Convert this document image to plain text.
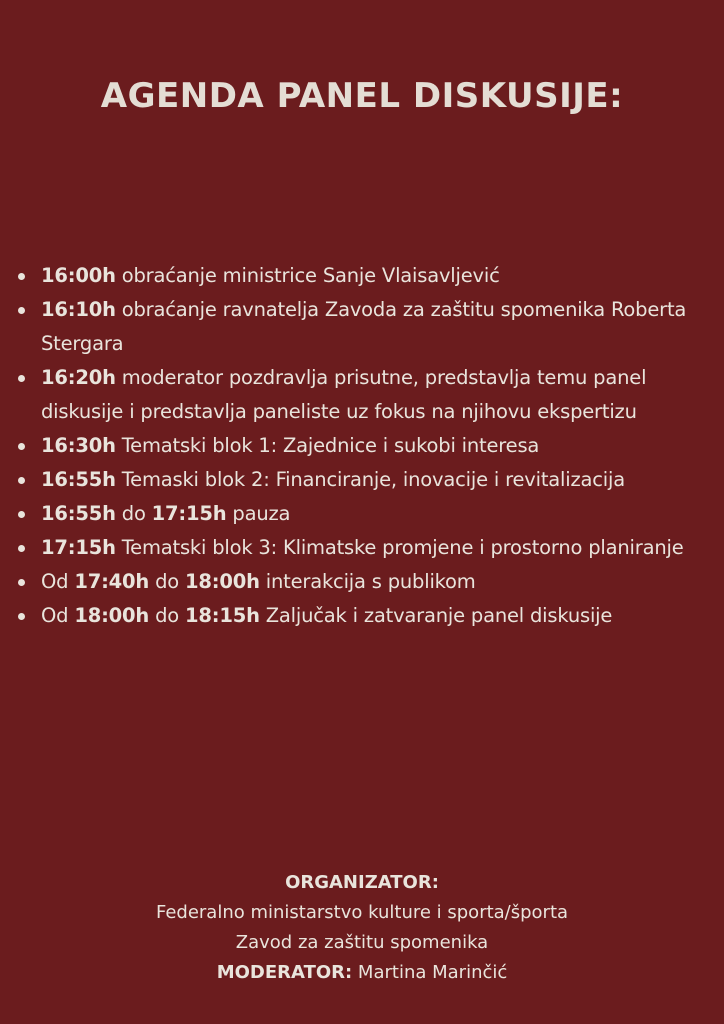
AGENDA PANEL DISKUSIJE:
16:00h obraćanje ministrice Sanje Vlaisavljević
16:10h obraćanje ravnatelja Zavoda za zaštitu spomenika Roberta Stergara
16:20h moderator pozdravlja prisutne, predstavlja temu panel diskusije i predstavlja paneliste uz fokus na njihovu ekspertizu
16:30h Tematski blok 1: Zajednice i sukobi interesa
16:55h Temaski blok 2: Financiranje, inovacije i revitalizacija
16:55h do 17:15h pauza
17:15h Tematski blok 3: Klimatske promjene i prostorno planiranje
Od 17:40h do 18:00h interakcija s publikom
Od 18:00h do 18:15h Zaljučak i zatvaranje panel diskusije
ORGANIZATOR:
Federalno ministarstvo kulture i sporta/športa
Zavod za zaštitu spomenika
MODERATOR: Martina Marinčić
